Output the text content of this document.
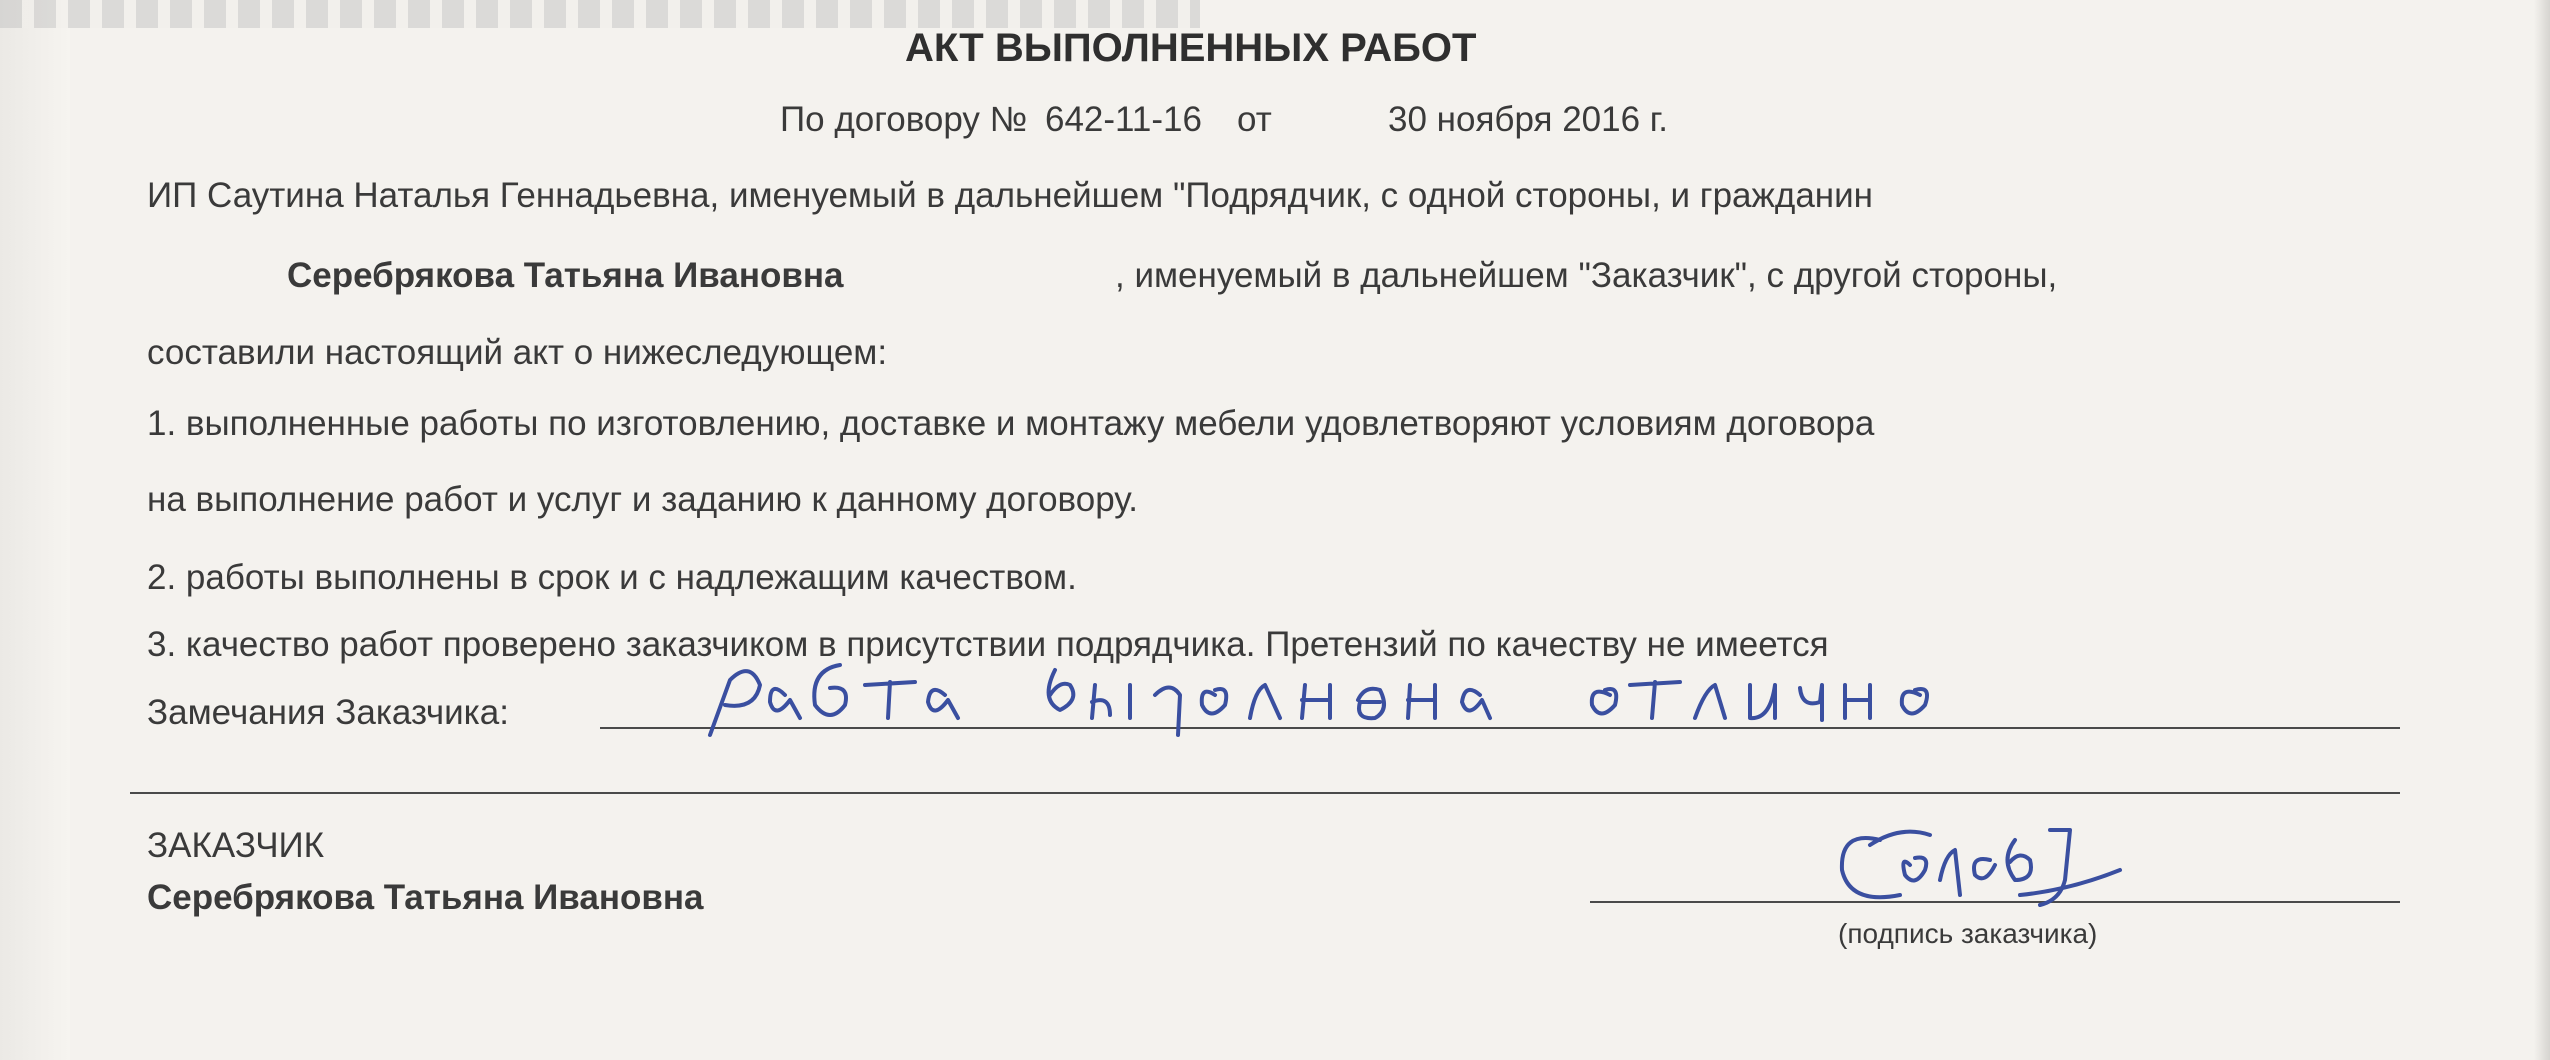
АКТ ВЫПОЛНЕННЫХ РАБОТ
По договору № 642-11-16 от	30 ноября 2016 г.
ИП Саутина Наталья Геннадьевна, именуемый в дальнейшем "Подрядчик, с одной стороны, и гражданин
Серебрякова Татьяна Ивановна	, именуемый в дальнейшем "Заказчик", с другой стороны,
составили настоящий акт о нижеследующем:
1. выполненные работы по изготовлению, доставке и монтажу мебели удовлетворяют условиям договора
на выполнение работ и услуг и заданию к данному договору.
2. работы выполнены в срок и с надлежащим качеством.
3. качество работ проверено заказчиком в присутствии подрядчика. Претензий по качеству не имеется
Замечания Заказчика:
ЗАКАЗЧИК
Серебрякова Татьяна Ивановна
(подпись заказчика)
